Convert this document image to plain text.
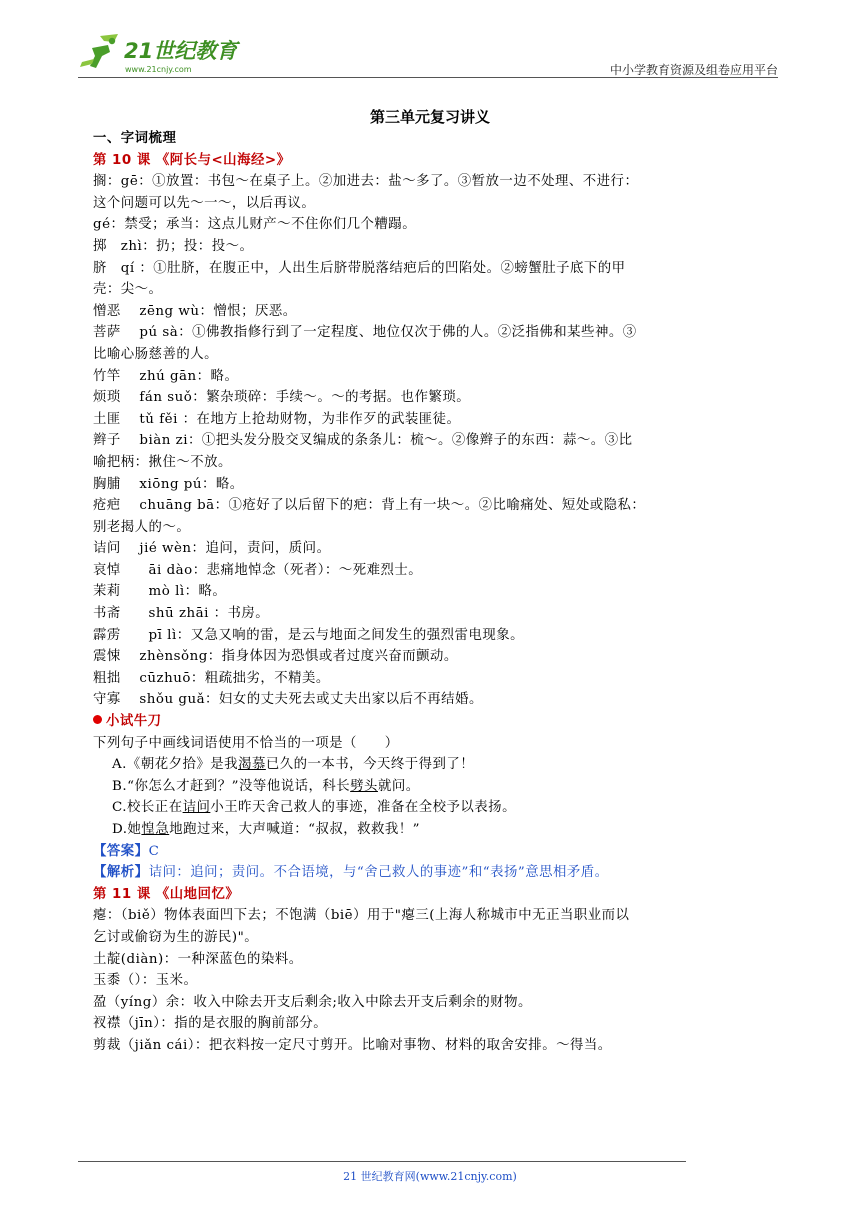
21世纪教育
www.21cnjy.com	中小学教育资源及组卷应用平台
第三单元复习讲义
一、字词梳理
第 10 课 《阿长与<山海经>》
搁：gē：①放置：书包～在桌子上。②加进去：盐～多了。③暂放一边不处理、不进行：
这个问题可以先～一～，以后再议。
gé：禁受；承当：这点儿财产～不住你们几个糟蹋。
掷　zhì：扔；投：投～。
脐　qí ：①肚脐，在腹正中，人出生后脐带脱落结疤后的凹陷处。②螃蟹肚子底下的甲
壳：尖～。
憎恶　 zēng wù：憎恨；厌恶。
菩萨　 pú sà：①佛教指修行到了一定程度、地位仅次于佛的人。②泛指佛和某些神。③
比喻心肠慈善的人。
竹竿　 zhú gān：略。
烦琐　 fán suǒ：繁杂琐碎：手续～。～的考据。也作繁琐。
土匪　 tǔ fěi ：在地方上抢劫财物，为非作歹的武装匪徒。
辫子　 biàn zi：①把头发分股交叉编成的条条儿：梳～。②像辫子的东西：蒜～。③比
喻把柄：揪住～不放。
胸脯　 xiōng pú：略。
疮疤　 chuāng bā：①疮好了以后留下的疤：背上有一块～。②比喻痛处、短处或隐私：
别老揭人的～。
诘问　 jié wèn：追问，责问，质问。
哀悼　　āi dào：悲痛地悼念（死者）：～死难烈士。
茉莉　　mò lì：略。
书斋　　shū zhāi ：书房。
霹雳　　pī lì：又急又响的雷，是云与地面之间发生的强烈雷电现象。
震悚　 zhènsǒng：指身体因为恐惧或者过度兴奋而颤动。
粗拙　 cūzhuō：粗疏拙劣，不精美。
守寡　 shǒu guǎ：妇女的丈夫死去或丈夫出家以后不再结婚。
小试牛刀
下列句子中画线词语使用不恰当的一项是（　　）
A.《朝花夕拾》是我渴慕已久的一本书，今天终于得到了！
B.“你怎么才赶到？”没等他说话，科长劈头就问。
C.校长正在诘问小王昨天舍己救人的事迹，准备在全校予以表扬。
D.她惶急地跑过来，大声喊道：“叔叔，救救我！”
【答案】C
【解析】诘问：追问；责问。不合语境，与“舍己救人的事迹”和“表扬”意思相矛盾。
第 11 课 《山地回忆》
瘪：（biě）物体表面凹下去；不饱满（biē）用于"瘪三(上海人称城市中无正当职业而以
乞讨或偷窃为生的游民)"。
土靛(diàn)：一种深蓝色的染料。
玉黍（）：玉米。
盈（yíng）余：收入中除去开支后剩余;收入中除去开支后剩余的财物。
衩襟（jīn）：指的是衣服的胸前部分。
剪裁（jiǎn cái）：把衣料按一定尺寸剪开。比喻对事物、材料的取舍安排。～得当。
21 世纪教育网(www.21cnjy.com)
